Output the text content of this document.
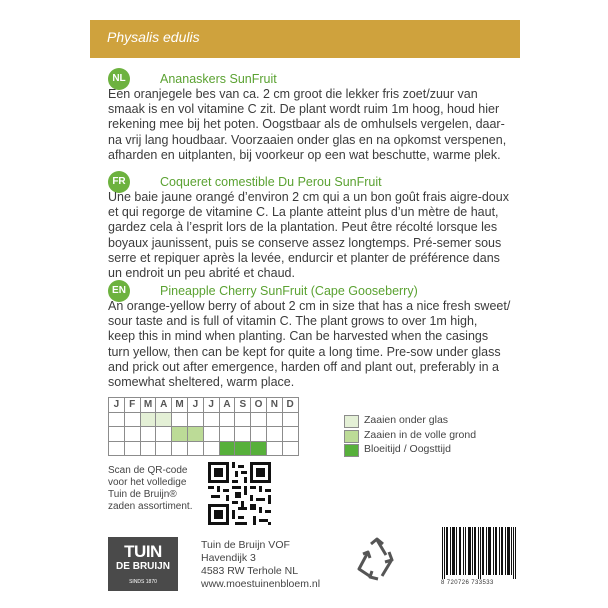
Physalis edulis
NL	Ananaskers SunFruit
Een oranjegele bes van ca. 2 cm groot die lekker fris zoet/zuur van
smaak is en vol vitamine C zit. De plant wordt ruim 1m hoog, houd hier
rekening mee bij het poten. Oogstbaar als de omhulsels vergelen, daar-
na vrij lang houdbaar. Voorzaaien onder glas en na opkomst verspenen,
afharden en uitplanten, bij voorkeur op een wat beschutte, warme plek.
FR	Coqueret comestible Du Perou SunFruit
Une baie jaune orangé d’environ 2 cm qui a un bon goût frais aigre-doux
et qui regorge de vitamine C. La plante atteint plus d’un mètre de haut,
gardez cela à l’esprit lors de la plantation. Peut être récolté lorsque les
boyaux jaunissent, puis se conserve assez longtemps. Pré-semer sous
serre et repiquer après la levée, endurcir et planter de préférence dans
un endroit un peu abrité et chaud.
EN	Pineapple Cherry SunFruit (Cape Gooseberry)
An orange-yellow berry of about 2 cm in size that has a nice fresh sweet/
sour taste and is full of vitamin C. The plant grows to over 1m high,
keep this in mind when planting. Can be harvested when the casings
turn yellow, then can be kept for quite a long time. Pre-sow under glass
and prick out after emergence, harden off and plant out, preferably in a
somewhat sheltered, warm place.
J	F	M	A	M	J	J	A	S	O	N	D

Zaaien onder glas
Zaaien in de volle grond
Bloeitijd / Oogsttijd
Scan de QR-code
voor het volledige
Tuin de Bruijn®
zaden assortiment.
TUIN
DE BRUIJN
SINDS 1870
Tuin de Bruijn VOF
Havendijk 3
4583 RW Terhole NL
www.moestuinenbloem.nl	8 720726 733533
